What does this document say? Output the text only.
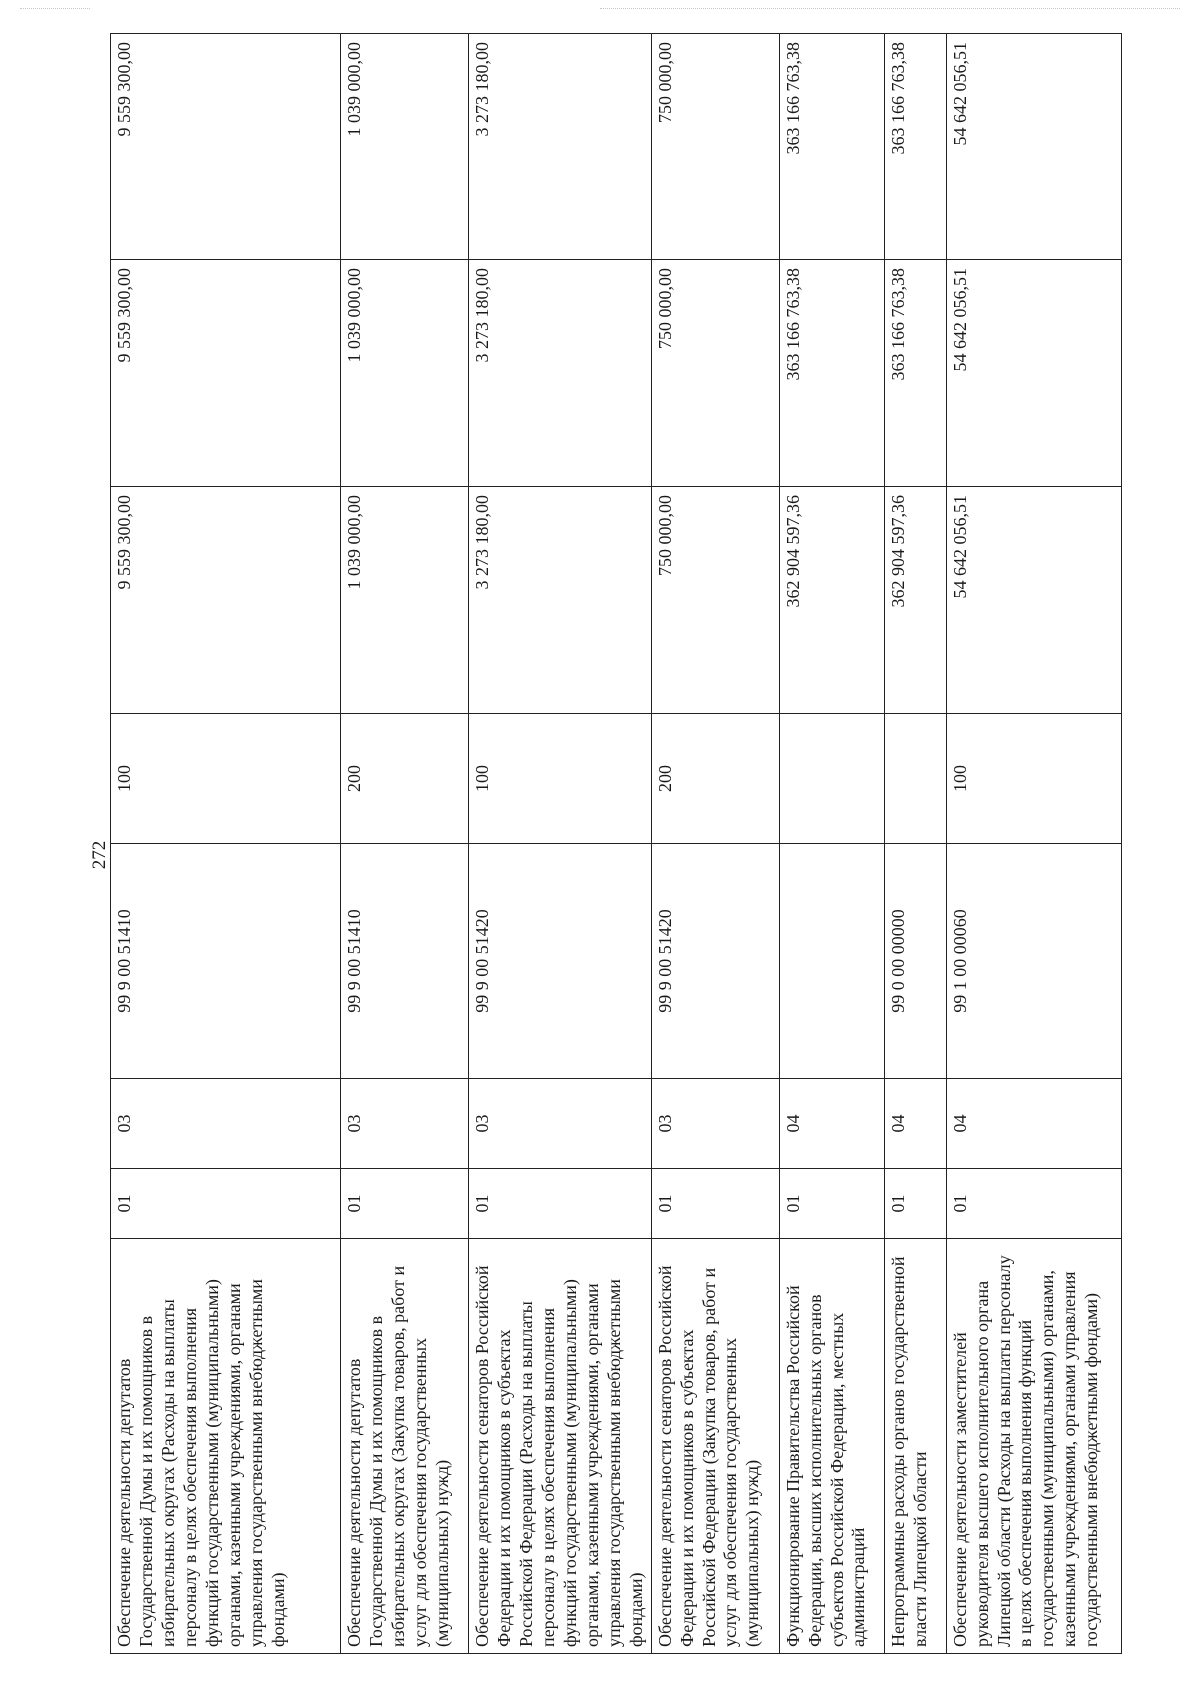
272
Обеспечение деятельности депутатов Государственной Думы и их помощников в избирательных округах (Расходы на выплаты персоналу в целях обеспечения выполнения функций государственными (муниципальными) органами, казенными учреждениями, органами управления государственными внебюджетными фондами)	01	03	99 9 00 51410	100	9 559 300,00	9 559 300,00	9 559 300,00
Обеспечение деятельности депутатов Государственной Думы и их помощников в избирательных округах (Закупка товаров, работ и услуг для обеспечения государственных (муниципальных) нужд)	01	03	99 9 00 51410	200	1 039 000,00	1 039 000,00	1 039 000,00
Обеспечение деятельности сенаторов Российской Федерации и их помощников в субъектах Российской Федерации (Расходы на выплаты персоналу в целях обеспечения выполнения функций государственными (муниципальными) органами, казенными учреждениями, органами управления государственными внебюджетными фондами)	01	03	99 9 00 51420	100	3 273 180,00	3 273 180,00	3 273 180,00
Обеспечение деятельности сенаторов Российской Федерации и их помощников в субъектах Российской Федерации (Закупка товаров, работ и услуг для обеспечения государственных (муниципальных) нужд)	01	03	99 9 00 51420	200	750 000,00	750 000,00	750 000,00
Функционирование Правительства Российской Федерации, высших исполнительных органов субъектов Российской Федерации, местных администраций	01	04			362 904 597,36	363 166 763,38	363 166 763,38
Непрограммные расходы органов государственной власти Липецкой области	01	04	99 0 00 00000		362 904 597,36	363 166 763,38	363 166 763,38
Обеспечение деятельности заместителей руководителя высшего исполнительного органа Липецкой области (Расходы на выплаты персоналу в целях обеспечения выполнения функций государственными (муниципальными) органами, казенными учреждениями, органами управления государственными внебюджетными фондами)	01	04	99 1 00 00060	100	54 642 056,51	54 642 056,51	54 642 056,51
